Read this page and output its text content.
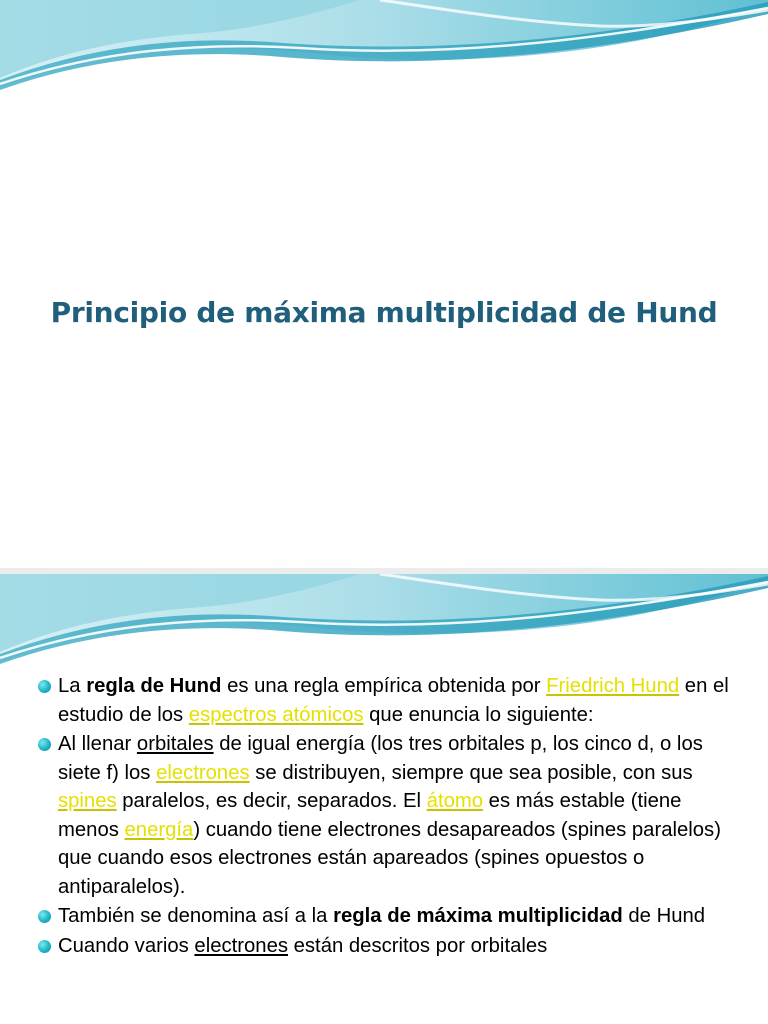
Principio de máxima multiplicidad de Hund
La regla de Hund es una regla empírica obtenida por Friedrich Hund en el estudio de los espectros atómicos que enuncia lo siguiente:
Al llenar orbitales de igual energía (los tres orbitales p, los cinco d, o los siete f) los electrones se distribuyen, siempre que sea posible, con sus spines paralelos, es decir, separados. El átomo es más estable (tiene menos energía) cuando tiene electrones desapareados (spines paralelos) que cuando esos electrones están apareados (spines opuestos o antiparalelos).
También se denomina así a la regla de máxima multiplicidad de Hund
Cuando varios electrones están descritos por orbitales
